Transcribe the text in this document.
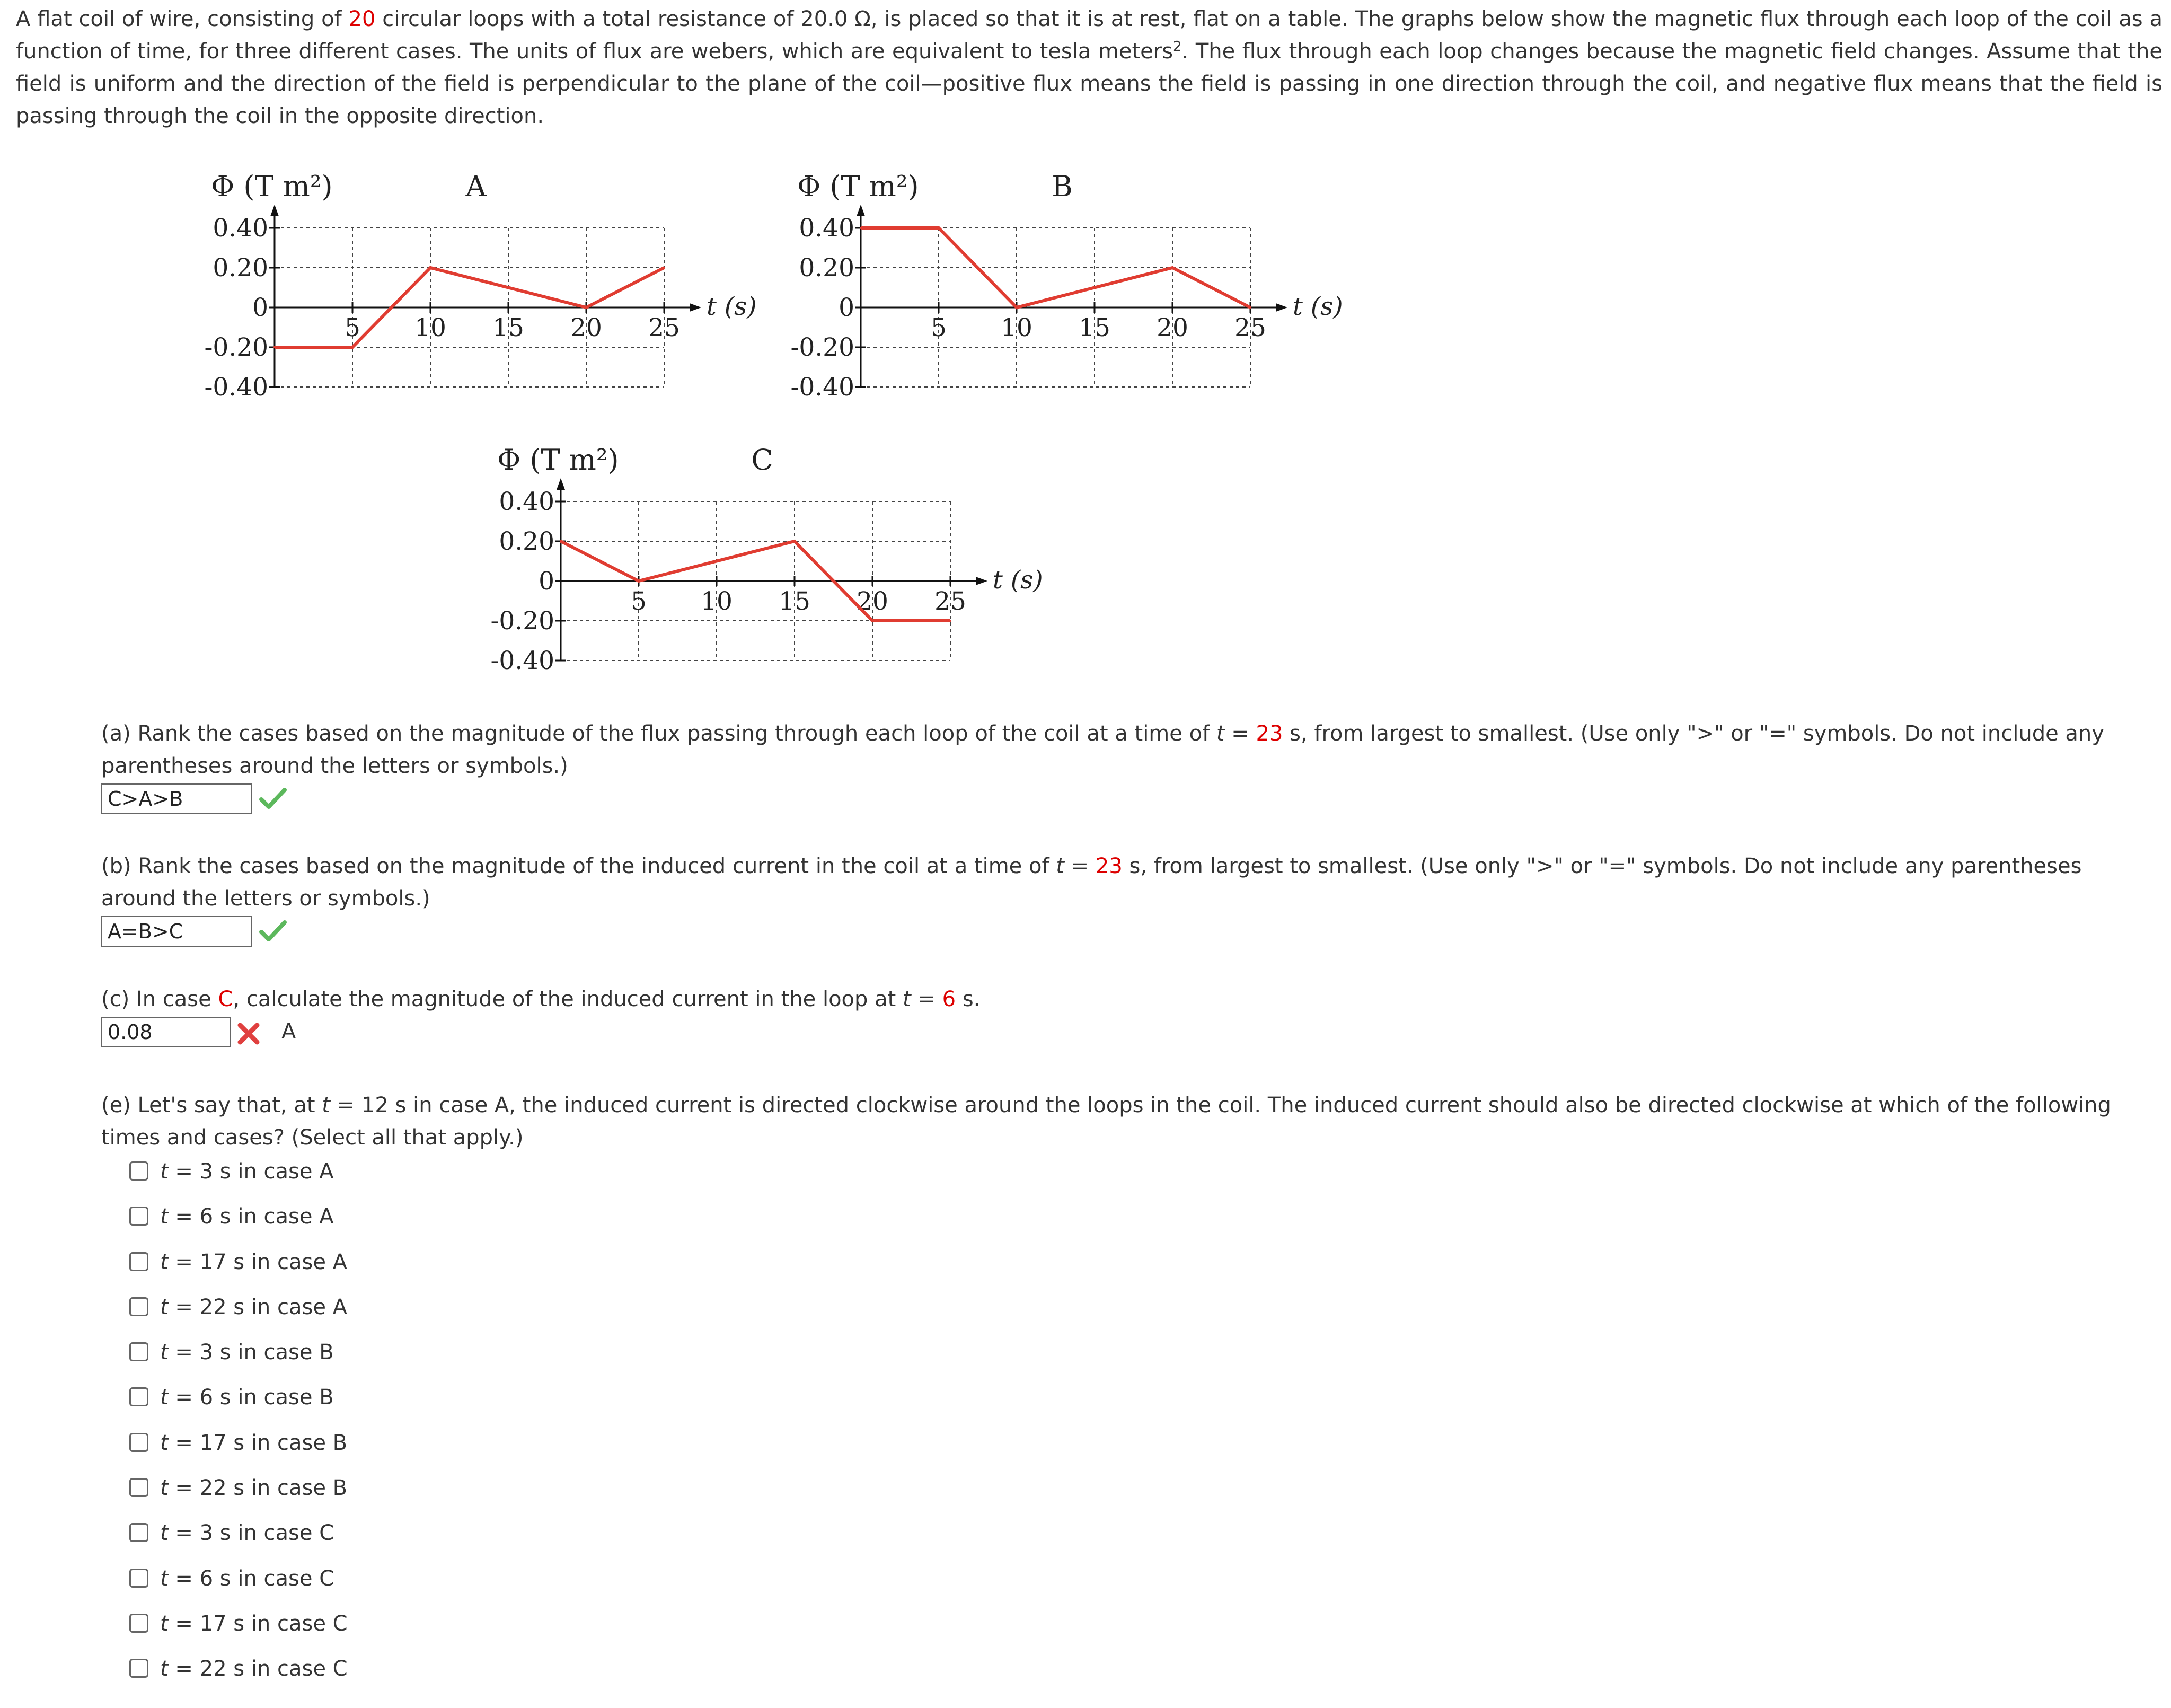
A flat coil of wire, consisting of 20 circular loops with a total resistance of 20.0 Ω, is placed so that it is at rest, flat on a table. The graphs below show the magnetic flux through each loop of the coil as a function of time, for three different cases. The units of flux are webers, which are equivalent to tesla meters$^2$. The flux through each loop changes because the magnetic field changes. Assume that the field is uniform and the direction of the field is perpendicular to the plane of the coil—positive flux means the field is passing in one direction through the coil, and negative flux means that the field is passing through the coil in the opposite direction.
0.40
0.20
0
-0.20
-0.40
5 10 15 20 25
Φ (T m²)
t (s)
A
0.40
0.20
0
-0.20
-0.40
5 10 15 20 25
Φ (T m²)
t (s)
B
0.40
0.20
0
-0.20
-0.40
5 10 15 20 25
Φ (T m²)
t (s)
C
(a) Rank the cases based on the magnitude of the flux passing through each loop of the coil at a time of t = 23 s, from largest to smallest. (Use only ">" or "=" symbols. Do not include any parentheses around the letters or symbols.)
C>A>B
(b) Rank the cases based on the magnitude of the induced current in the coil at a time of t = 23 s, from largest to smallest. (Use only ">" or "=" symbols. Do not include any parentheses around the letters or symbols.)
A=B>C
(c) In case C, calculate the magnitude of the induced current in the loop at t = 6 s.
0.08	A
(e) Let's say that, at t = 12 s in case A, the induced current is directed clockwise around the loops in the coil. The induced current should also be directed clockwise at which of the following times and cases? (Select all that apply.)
t = 3 s in case A
t = 6 s in case A
t = 17 s in case A
t = 22 s in case A
t = 3 s in case B
t = 6 s in case B
t = 17 s in case B
t = 22 s in case B
t = 3 s in case C
t = 6 s in case C
t = 17 s in case C
t = 22 s in case C
